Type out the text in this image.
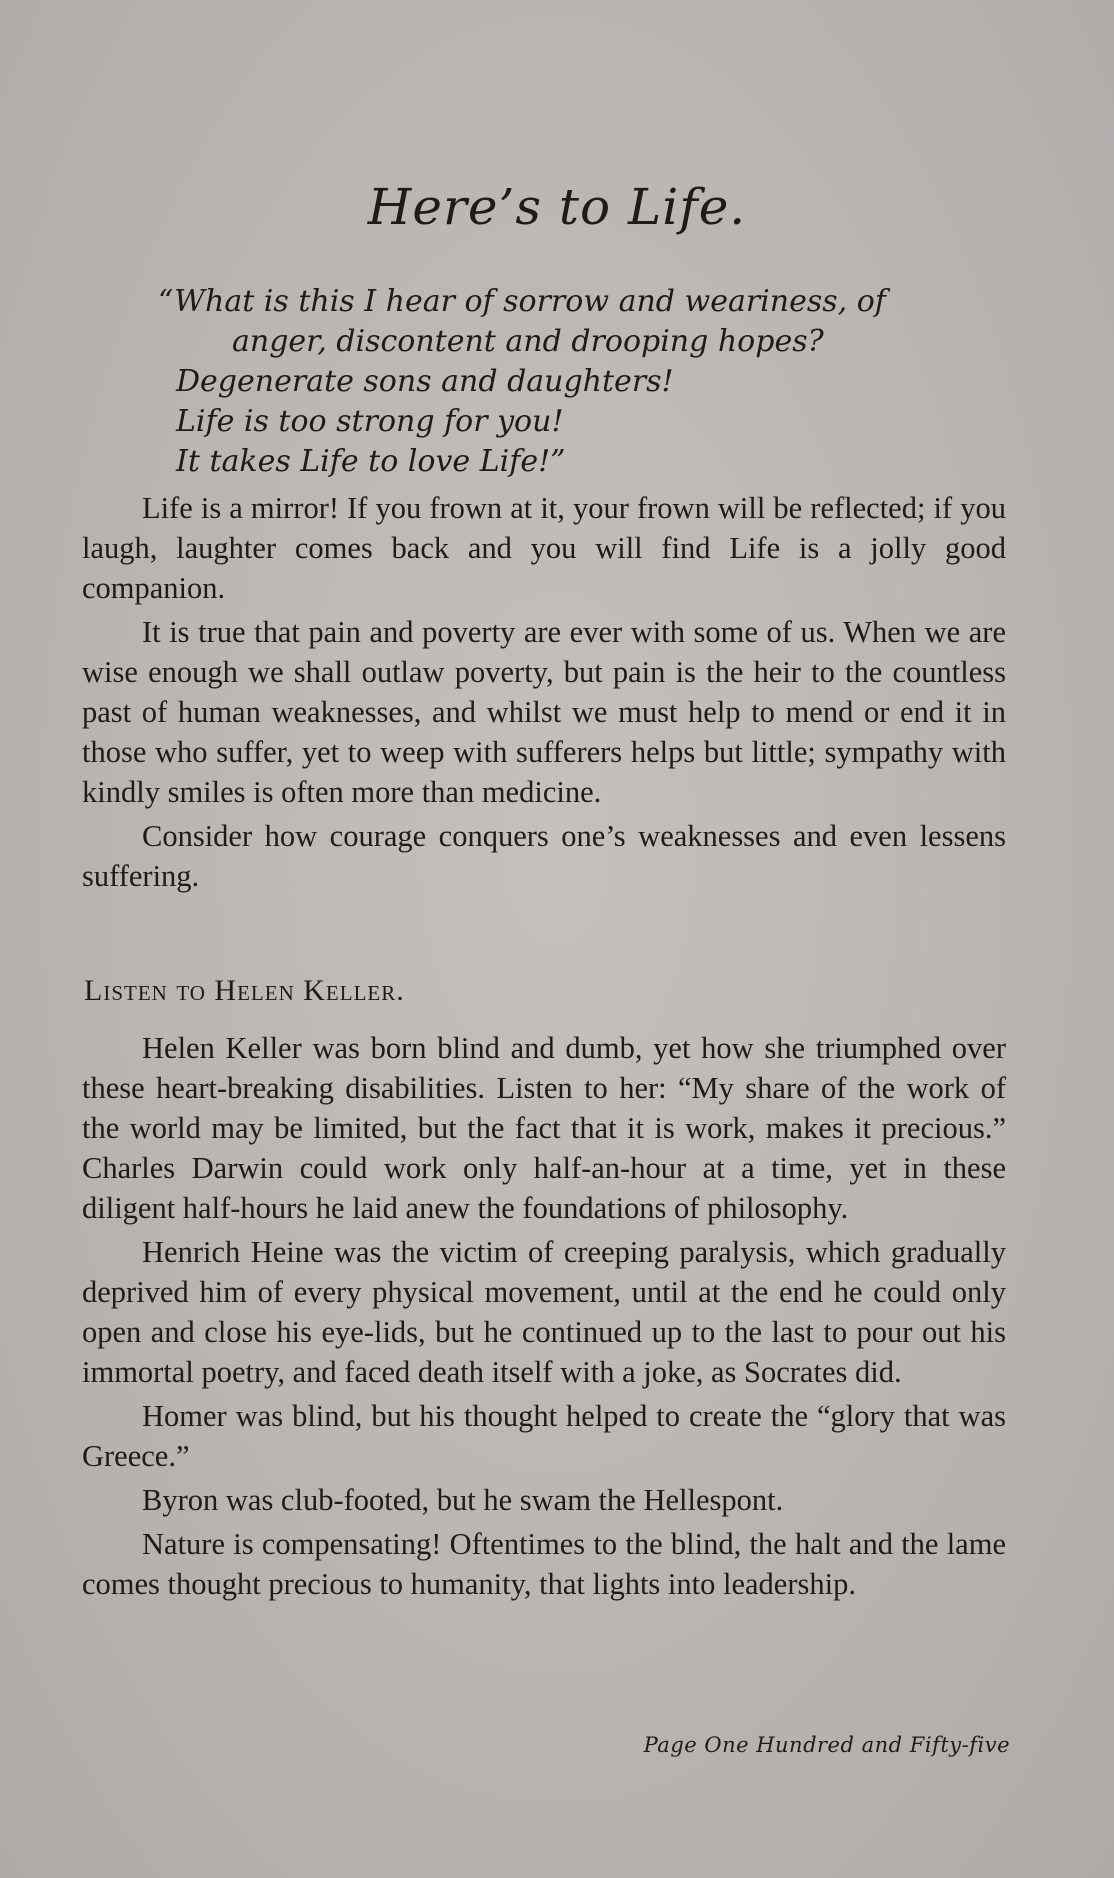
Here’s to Life.
“What is this I hear of sorrow and weariness, of
anger, discontent and drooping hopes?
Degenerate sons and daughters!
Life is too strong for you!
It takes Life to love Life!”

Life is a mirror! If you frown at it, your frown will be reflected; if you laugh, laughter comes back and you will find Life is a jolly good companion.

It is true that pain and poverty are ever with some of us. When we are wise enough we shall outlaw poverty, but pain is the heir to the countless past of human weaknesses, and whilst we must help to mend or end it in those who suffer, yet to weep with sufferers helps but little; sympathy with kindly smiles is often more than medicine.

Consider how courage conquers one’s weaknesses and even lessens suffering.

Listen to Helen Keller.

Helen Keller was born blind and dumb, yet how she triumphed over these heart-breaking disabilities. Listen to her: “My share of the work of the world may be limited, but the fact that it is work, makes it precious.” Charles Darwin could work only half-an-hour at a time, yet in these diligent half-hours he laid anew the foundations of philosophy.

Henrich Heine was the victim of creeping paralysis, which gradually deprived him of every physical movement, until at the end he could only open and close his eye-lids, but he continued up to the last to pour out his immortal poetry, and faced death itself with a joke, as Socrates did.

Homer was blind, but his thought helped to create the “glory that was Greece.”

Byron was club-footed, but he swam the Hellespont.

Nature is compensating! Oftentimes to the blind, the halt and the lame comes thought precious to humanity, that lights into leadership.

Page One Hundred and Fifty-five
